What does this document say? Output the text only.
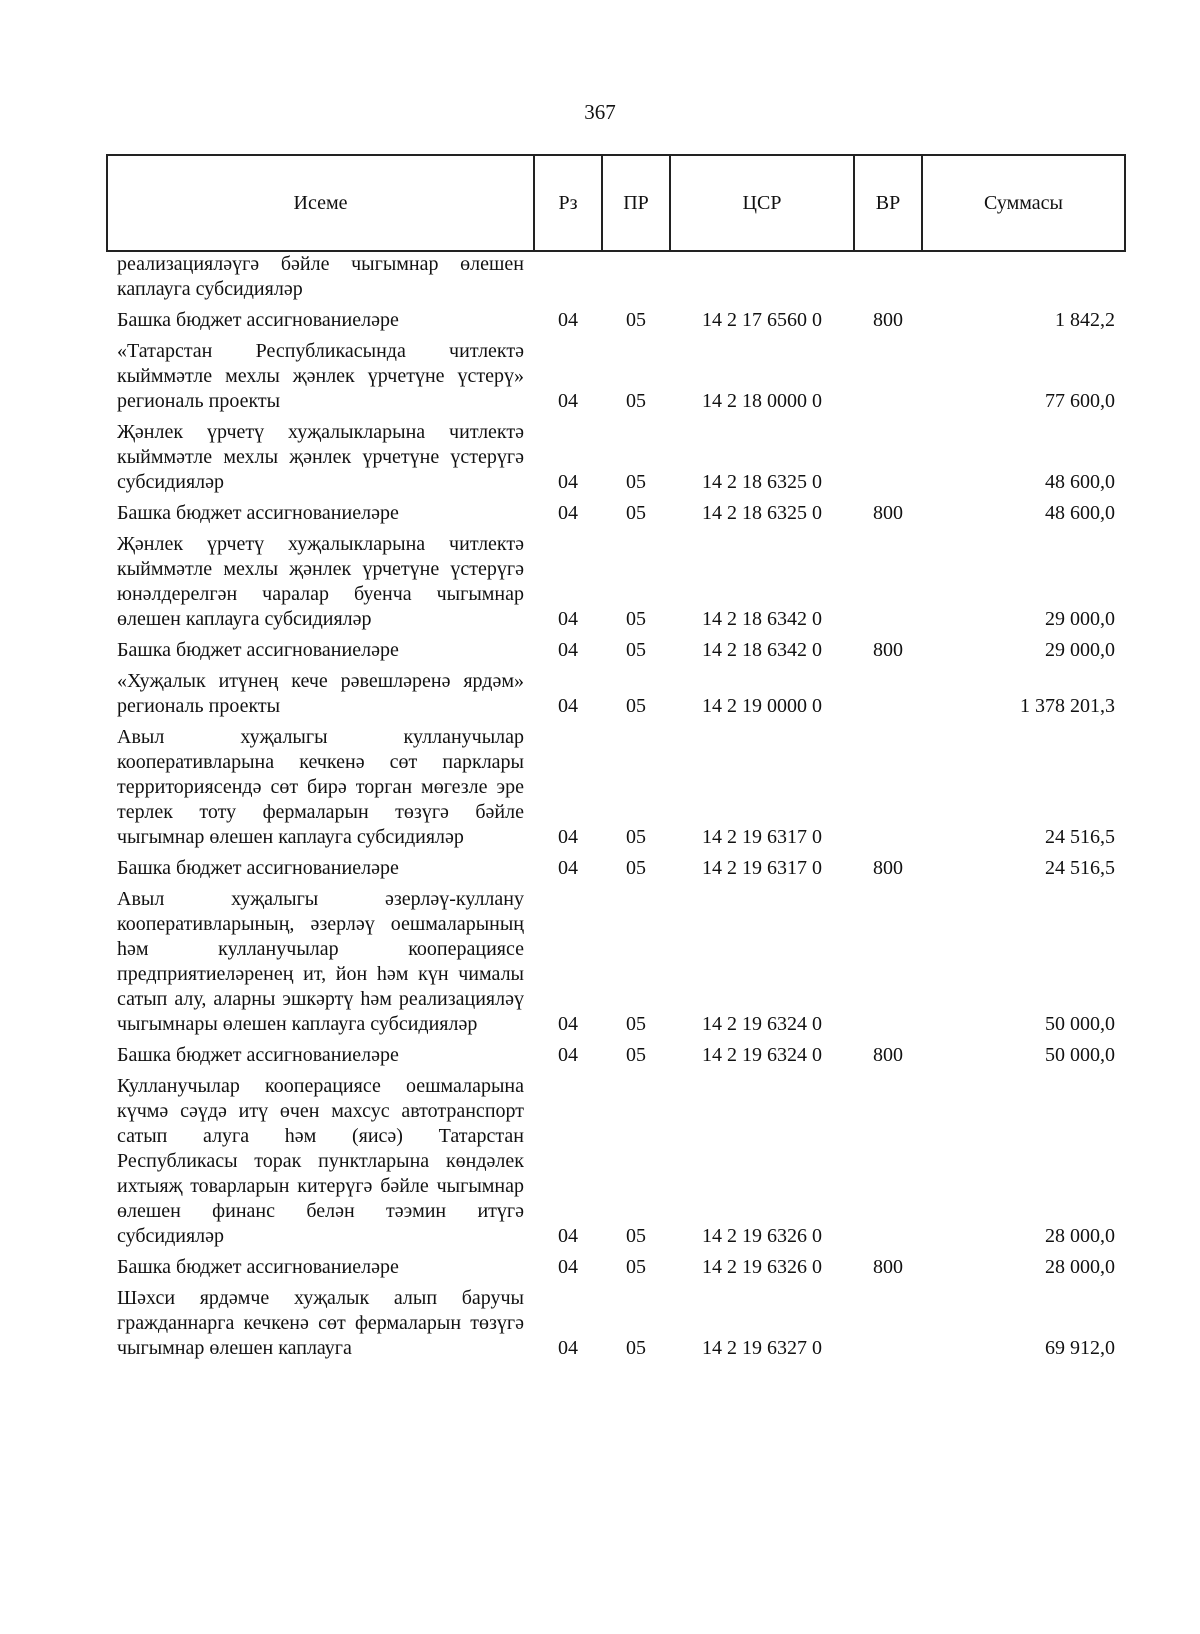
367
Исеме	Рз	ПР	ЦСР	ВР	Суммасы
реализацияләүгә бәйле чыгымнар өлешен каплауга субсидияләр					
Башка бюджет ассигнованиеләре	04	05	14 2 17 6560 0	800	1 842,2
«Татарстан Республикасында читлектә кыйммәтле мехлы җәнлек үрчетүне үстерү» региональ проекты	04	05	14 2 18 0000 0		77 600,0
Җәнлек үрчетү хуҗалыкларына читлектә кыйммәтле мехлы җәнлек үрчетүне үстерүгә субсидияләр	04	05	14 2 18 6325 0		48 600,0
Башка бюджет ассигнованиеләре	04	05	14 2 18 6325 0	800	48 600,0
Җәнлек үрчетү хуҗалыкларына читлектә кыйммәтле мехлы җәнлек үрчетүне үстерүгә юнәлдерелгән чаралар буенча чыгымнар өлешен каплауга субсидияләр	04	05	14 2 18 6342 0		29 000,0
Башка бюджет ассигнованиеләре	04	05	14 2 18 6342 0	800	29 000,0
«Хуҗалык итүнең кече рәвешләренә ярдәм» региональ проекты	04	05	14 2 19 0000 0		1 378 201,3
Авыл хуҗалыгы кулланучылар кооперативларына кечкенә сөт парклары территориясендә сөт бирә торган мөгезле эре терлек тоту фермаларын төзүгә бәйле чыгымнар өлешен каплауга субсидияләр	04	05	14 2 19 6317 0		24 516,5
Башка бюджет ассигнованиеләре	04	05	14 2 19 6317 0	800	24 516,5
Авыл хуҗалыгы әзерләү-куллану кооперативларының, әзерләү оешмаларының һәм кулланучылар кооперациясе предприятиеләренең ит, йон һәм күн чималы сатып алу, аларны эшкәртү һәм реализацияләү чыгымнары өлешен каплауга субсидияләр	04	05	14 2 19 6324 0		50 000,0
Башка бюджет ассигнованиеләре	04	05	14 2 19 6324 0	800	50 000,0
Кулланучылар кооперациясе оешмаларына күчмә сәүдә итү өчен махсус автотранспорт сатып алуга һәм (яисә) Татарстан Республикасы торак пунктларына көндәлек ихтыяҗ товарларын китерүгә бәйле чыгымнар өлешен финанс белән тәэмин итүгә субсидияләр	04	05	14 2 19 6326 0		28 000,0
Башка бюджет ассигнованиеләре	04	05	14 2 19 6326 0	800	28 000,0
Шәхси ярдәмче хуҗалык алып баручы гражданнарга кечкенә сөт фермаларын төзүгә чыгымнар өлешен каплауга	04	05	14 2 19 6327 0		69 912,0
